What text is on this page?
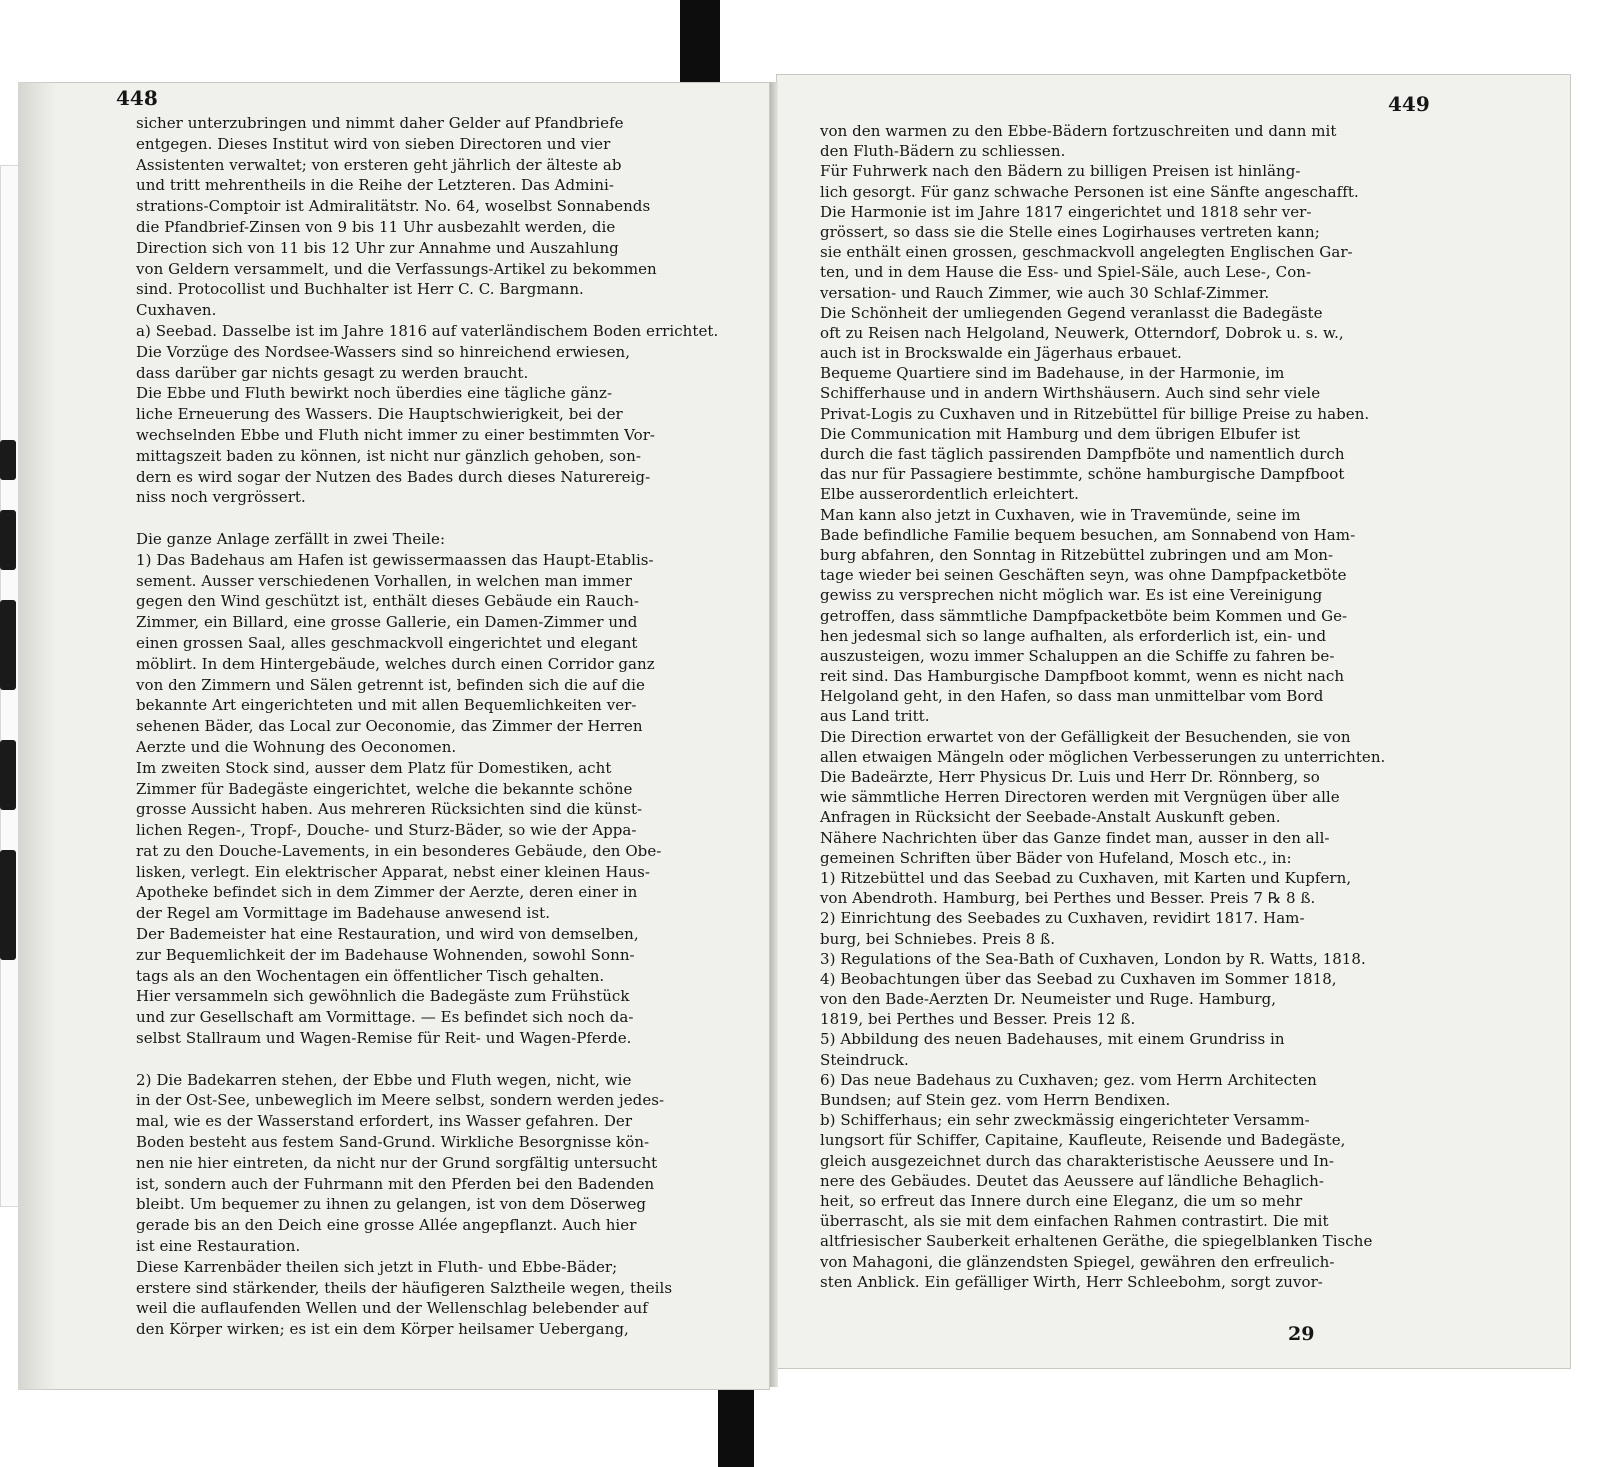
448
sicher unterzubringen und nimmt daher Gelder auf Pfandbriefe
entgegen. Dieses Institut wird von sieben Directoren und vier
Assistenten verwaltet; von ersteren geht jährlich der älteste ab
und tritt mehrentheils in die Reihe der Letzteren. Das Admini-
strations-Comptoir ist Admiralitätstr. No. 64, woselbst Sonnabends
die Pfandbrief-Zinsen von 9 bis 11 Uhr ausbezahlt werden, die
Direction sich von 11 bis 12 Uhr zur Annahme und Auszahlung
von Geldern versammelt, und die Verfassungs-Artikel zu bekommen
sind. Protocollist und Buchhalter ist Herr C. C. Bargmann.
Cuxhaven.
a) Seebad. Dasselbe ist im Jahre 1816 auf vaterländischem Boden errichtet.
Die Vorzüge des Nordsee-Wassers sind so hinreichend erwiesen,
dass darüber gar nichts gesagt zu werden braucht.
Die Ebbe und Fluth bewirkt noch überdies eine tägliche gänz-
liche Erneuerung des Wassers. Die Hauptschwierigkeit, bei der
wechselnden Ebbe und Fluth nicht immer zu einer bestimmten Vor-
mittagszeit baden zu können, ist nicht nur gänzlich gehoben, son-
dern es wird sogar der Nutzen des Bades durch dieses Naturereig-
niss noch vergrössert.
Die ganze Anlage zerfällt in zwei Theile:
1) Das Badehaus am Hafen ist gewissermaassen das Haupt-Etablis-
sement. Ausser verschiedenen Vorhallen, in welchen man immer
gegen den Wind geschützt ist, enthält dieses Gebäude ein Rauch-
Zimmer, ein Billard, eine grosse Gallerie, ein Damen-Zimmer und
einen grossen Saal, alles geschmackvoll eingerichtet und elegant
möblirt. In dem Hintergebäude, welches durch einen Corridor ganz
von den Zimmern und Sälen getrennt ist, befinden sich die auf die
bekannte Art eingerichteten und mit allen Bequemlichkeiten ver-
sehenen Bäder, das Local zur Oeconomie, das Zimmer der Herren
Aerzte und die Wohnung des Oeconomen.
Im zweiten Stock sind, ausser dem Platz für Domestiken, acht
Zimmer für Badegäste eingerichtet, welche die bekannte schöne
grosse Aussicht haben. Aus mehreren Rücksichten sind die künst-
lichen Regen-, Tropf-, Douche- und Sturz-Bäder, so wie der Appa-
rat zu den Douche-Lavements, in ein besonderes Gebäude, den Obe-
lisken, verlegt. Ein elektrischer Apparat, nebst einer kleinen Haus-
Apotheke befindet sich in dem Zimmer der Aerzte, deren einer in
der Regel am Vormittage im Badehause anwesend ist.
Der Bademeister hat eine Restauration, und wird von demselben,
zur Bequemlichkeit der im Badehause Wohnenden, sowohl Sonn-
tags als an den Wochentagen ein öffentlicher Tisch gehalten.
Hier versammeln sich gewöhnlich die Badegäste zum Frühstück
und zur Gesellschaft am Vormittage. — Es befindet sich noch da-
selbst Stallraum und Wagen-Remise für Reit- und Wagen-Pferde.
2) Die Badekarren stehen, der Ebbe und Fluth wegen, nicht, wie
in der Ost-See, unbeweglich im Meere selbst, sondern werden jedes-
mal, wie es der Wasserstand erfordert, ins Wasser gefahren. Der
Boden besteht aus festem Sand-Grund. Wirkliche Besorgnisse kön-
nen nie hier eintreten, da nicht nur der Grund sorgfältig untersucht
ist, sondern auch der Fuhrmann mit den Pferden bei den Badenden
bleibt. Um bequemer zu ihnen zu gelangen, ist von dem Döserweg
gerade bis an den Deich eine grosse Allée angepflanzt. Auch hier
ist eine Restauration.
Diese Karrenbäder theilen sich jetzt in Fluth- und Ebbe-Bäder;
erstere sind stärkender, theils der häufigeren Salztheile wegen, theils
weil die auflaufenden Wellen und der Wellenschlag belebender auf
den Körper wirken; es ist ein dem Körper heilsamer Uebergang,
449
von den warmen zu den Ebbe-Bädern fortzuschreiten und dann mit
den Fluth-Bädern zu schliessen.
Für Fuhrwerk nach den Bädern zu billigen Preisen ist hinläng-
lich gesorgt. Für ganz schwache Personen ist eine Sänfte angeschafft.
Die Harmonie ist im Jahre 1817 eingerichtet und 1818 sehr ver-
grössert, so dass sie die Stelle eines Logirhauses vertreten kann;
sie enthält einen grossen, geschmackvoll angelegten Englischen Gar-
ten, und in dem Hause die Ess- und Spiel-Säle, auch Lese-, Con-
versation- und Rauch Zimmer, wie auch 30 Schlaf-Zimmer.
Die Schönheit der umliegenden Gegend veranlasst die Badegäste
oft zu Reisen nach Helgoland, Neuwerk, Otterndorf, Dobrok u. s. w.,
auch ist in Brockswalde ein Jägerhaus erbauet.
Bequeme Quartiere sind im Badehause, in der Harmonie, im
Schifferhause und in andern Wirthshäusern. Auch sind sehr viele
Privat-Logis zu Cuxhaven und in Ritzebüttel für billige Preise zu haben.
Die Communication mit Hamburg und dem übrigen Elbufer ist
durch die fast täglich passirenden Dampfböte und namentlich durch
das nur für Passagiere bestimmte, schöne hamburgische Dampfboot
Elbe ausserordentlich erleichtert.
Man kann also jetzt in Cuxhaven, wie in Travemünde, seine im
Bade befindliche Familie bequem besuchen, am Sonnabend von Ham-
burg abfahren, den Sonntag in Ritzebüttel zubringen und am Mon-
tage wieder bei seinen Geschäften seyn, was ohne Dampfpacketböte
gewiss zu versprechen nicht möglich war. Es ist eine Vereinigung
getroffen, dass sämmtliche Dampfpacketböte beim Kommen und Ge-
hen jedesmal sich so lange aufhalten, als erforderlich ist, ein- und
auszusteigen, wozu immer Schaluppen an die Schiffe zu fahren be-
reit sind. Das Hamburgische Dampfboot kommt, wenn es nicht nach
Helgoland geht, in den Hafen, so dass man unmittelbar vom Bord
aus Land tritt.
Die Direction erwartet von der Gefälligkeit der Besuchenden, sie von
allen etwaigen Mängeln oder möglichen Verbesserungen zu unterrichten.
Die Badeärzte, Herr Physicus Dr. Luis und Herr Dr. Rönnberg, so
wie sämmtliche Herren Directoren werden mit Vergnügen über alle
Anfragen in Rücksicht der Seebade-Anstalt Auskunft geben.
Nähere Nachrichten über das Ganze findet man, ausser in den all-
gemeinen Schriften über Bäder von Hufeland, Mosch etc., in:
1) Ritzebüttel und das Seebad zu Cuxhaven, mit Karten und Kupfern,
von Abendroth. Hamburg, bei Perthes und Besser. Preis 7 ℞ 8 ß.
2) Einrichtung des Seebades zu Cuxhaven, revidirt 1817. Ham-
burg, bei Schniebes. Preis 8 ß.
3) Regulations of the Sea-Bath of Cuxhaven, London by R. Watts, 1818.
4) Beobachtungen über das Seebad zu Cuxhaven im Sommer 1818,
von den Bade-Aerzten Dr. Neumeister und Ruge. Hamburg,
1819, bei Perthes und Besser. Preis 12 ß.
5) Abbildung des neuen Badehauses, mit einem Grundriss in
Steindruck.
6) Das neue Badehaus zu Cuxhaven; gez. vom Herrn Architecten
Bundsen; auf Stein gez. vom Herrn Bendixen.
b) Schifferhaus; ein sehr zweckmässig eingerichteter Versamm-
lungsort für Schiffer, Capitaine, Kaufleute, Reisende und Badegäste,
gleich ausgezeichnet durch das charakteristische Aeussere und In-
nere des Gebäudes. Deutet das Aeussere auf ländliche Behaglich-
heit, so erfreut das Innere durch eine Eleganz, die um so mehr
überrascht, als sie mit dem einfachen Rahmen contrastirt. Die mit
altfriesischer Sauberkeit erhaltenen Geräthe, die spiegelblanken Tische
von Mahagoni, die glänzendsten Spiegel, gewähren den erfreulich-
sten Anblick. Ein gefälliger Wirth, Herr Schleebohm, sorgt zuvor-
29
